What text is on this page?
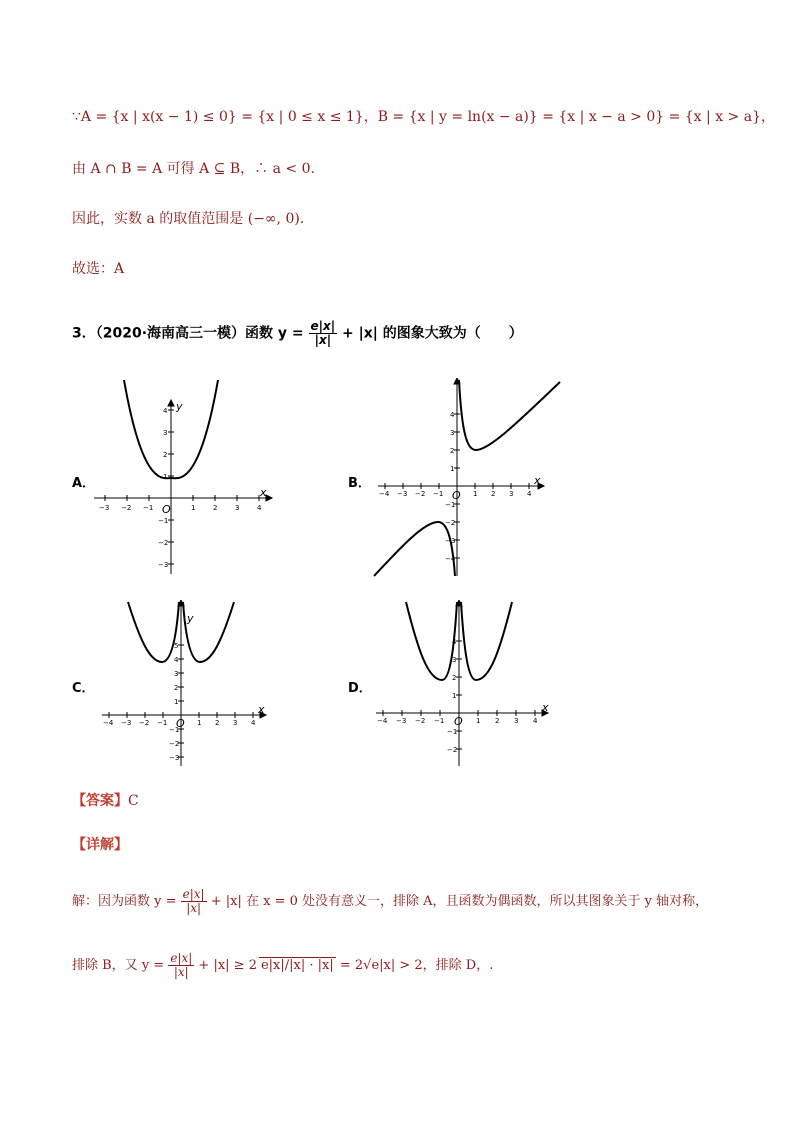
∵A = {x | x(x − 1) ≤ 0} = {x | 0 ≤ x ≤ 1}，B = {x | y = ln(x − a)} = {x | x − a > 0} = {x | x > a}，
由 A ∩ B = A 可得 A ⊆ B，∴ a < 0.
因此，实数 a 的取值范围是 (−∞, 0).
故选：A
3．（2020·海南高三一模）函数 $y = \frac{e|x|}{|x|} + |x|$ 的图象大致为（　　）
A．	B．
C．	D．
−3 −2 −1	1	2	3	4
1
2
3
4
−1
−2
−3
O
x
y
−4 −3 −2 −1	1 2 3 4
1
2
3
4
−1
−2
−3
−4
O
x
−4 −3 −2 −1	1 2 3 4
1
2
3
4
5
−1
−2
−3
O
x
y
−4 −3 −2 −1	1 2 3 4
1
2
3
4
−1
−2
O
x
【答案】C
【详解】
解：因为函数 $y = \frac{e|x|}{|x|} + |x|$ 在 x = 0 处没有意义一，排除 A，且函数为偶函数，所以其图象关于 y 轴对称，
排除 B，又 $y = \frac{e|x|}{|x|} + |x| \ge 2$ e|x|/|x| · |x| = 2√e|x| > 2，排除 D，.
